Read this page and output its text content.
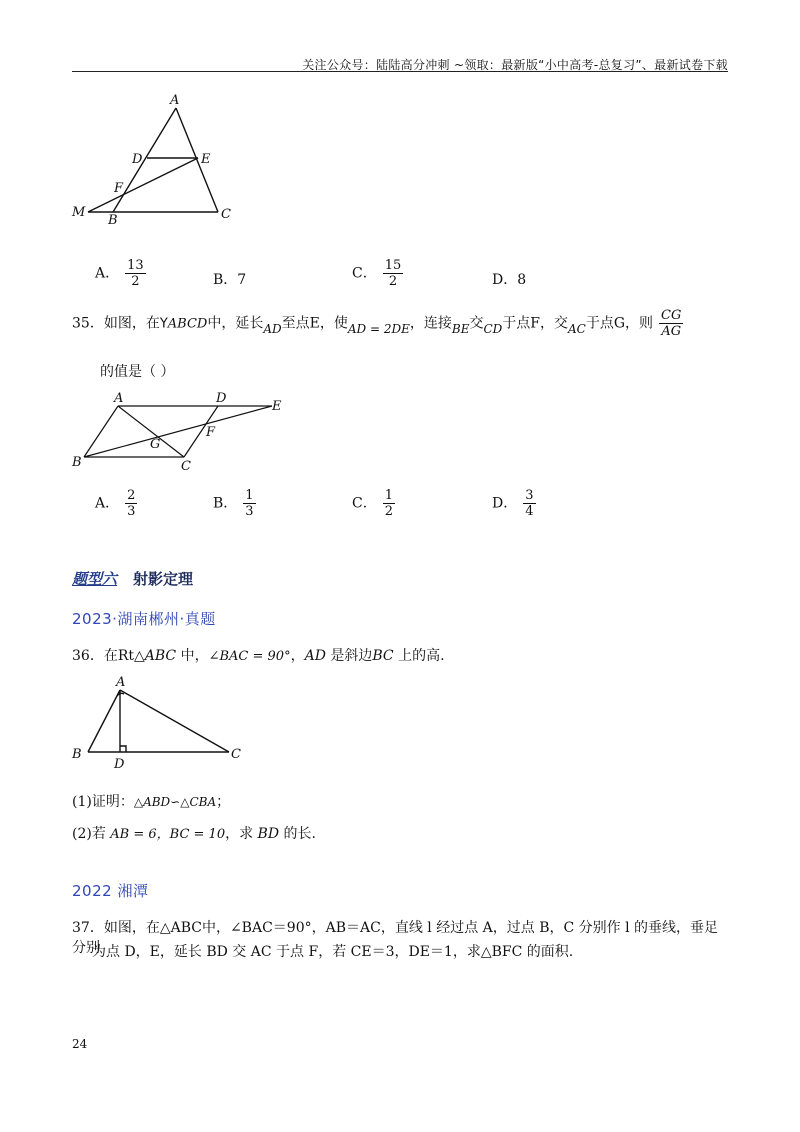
关注公众号：陆陆高分冲刺 ~领取：最新版“小中高考-总复习”、最新试卷下载
A
D	E
F
M
B	C
A． $\frac{13}{2}$	B．7	C． $\frac{15}{2}$	D．8
35．如图，在YABCD中，延长AD至点E，使AD = 2DE，连接BE交CD于点F，交AC于点G，则 $\frac{CG}{AG}$
的值是（ ）
A	D
E
F
G
B	C
A． $\frac{2}{3}$	B． $\frac{1}{3}$	C． $\frac{1}{2}$	D． $\frac{3}{4}$
题型六 射影定理
2023·湖南郴州·真题
36．在Rt△ABC 中，∠BAC = 90°，AD 是斜边BC 上的高.
A
B	C
D
(1)证明：△ABD∽△CBA；
(2)若 AB = 6，BC = 10，求 BD 的长.
2022 湘潭
37．如图，在△ABC中，∠BAC＝90°，AB＝AC，直线 l 经过点 A，过点 B，C 分别作 l 的垂线，垂足分别
为点 D，E，延长 BD 交 AC 于点 F，若 CE＝3，DE＝1，求△BFC 的面积.
24
